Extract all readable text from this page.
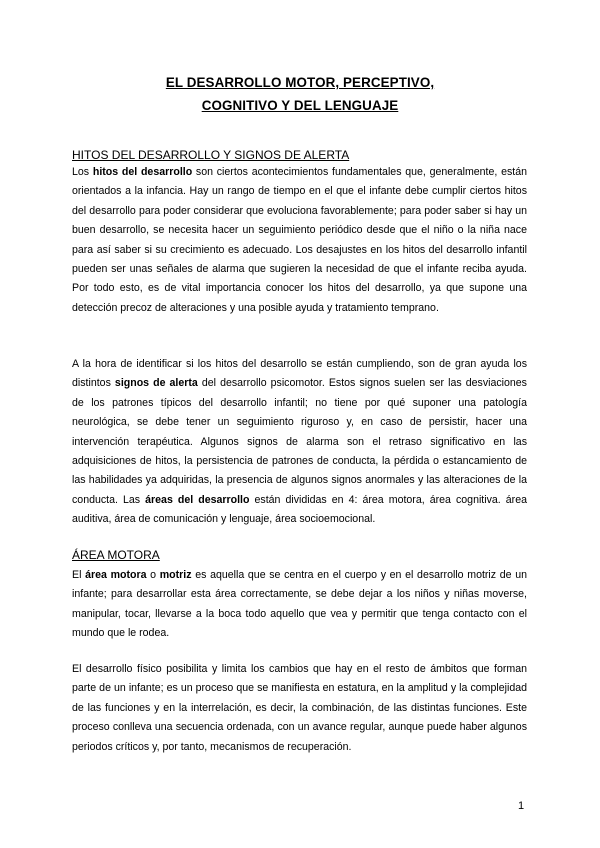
EL DESARROLLO MOTOR, PERCEPTIVO,
COGNITIVO Y DEL LENGUAJE
HITOS DEL DESARROLLO Y SIGNOS DE ALERTA

Los hitos del desarrollo son ciertos acontecimientos fundamentales que, generalmente, están orientados a la infancia. Hay un rango de tiempo en el que el infante debe cumplir ciertos hitos del desarrollo para poder considerar que evoluciona favorablemente; para poder saber si hay un buen desarrollo, se necesita hacer un seguimiento periódico desde que el niño o la niña nace para así saber si su crecimiento es adecuado. Los desajustes en los hitos del desarrollo infantil pueden ser unas señales de alarma que sugieren la necesidad de que el infante reciba ayuda. Por todo esto, es de vital importancia conocer los hitos del desarrollo, ya que supone una detección precoz de alteraciones y una posible ayuda y tratamiento temprano.

A la hora de identificar si los hitos del desarrollo se están cumpliendo, son de gran ayuda los distintos signos de alerta del desarrollo psicomotor. Estos signos suelen ser las desviaciones de los patrones típicos del desarrollo infantil; no tiene por qué suponer una patología neurológica, se debe tener un seguimiento riguroso y, en caso de persistir, hacer una intervención terapéutica. Algunos signos de alarma son el retraso significativo en las adquisiciones de hitos, la persistencia de patrones de conducta, la pérdida o estancamiento de las habilidades ya adquiridas, la presencia de algunos signos anormales y las alteraciones de la conducta. Las áreas del desarrollo están divididas en 4: área motora, área cognitiva. área auditiva, área de comunicación y lenguaje, área socioemocional.

ÁREA MOTORA

El área motora o motriz es aquella que se centra en el cuerpo y en el desarrollo motriz de un infante; para desarrollar esta área correctamente, se debe dejar a los niños y niñas moverse, manipular, tocar, llevarse a la boca todo aquello que vea y permitir que tenga contacto con el mundo que le rodea.

El desarrollo físico posibilita y limita los cambios que hay en el resto de ámbitos que forman parte de un infante; es un proceso que se manifiesta en estatura, en la amplitud y la complejidad de las funciones y en la interrelación, es decir, la combinación, de las distintas funciones. Este proceso conlleva una secuencia ordenada, con un avance regular, aunque puede haber algunos periodos críticos y, por tanto, mecanismos de recuperación.

1
